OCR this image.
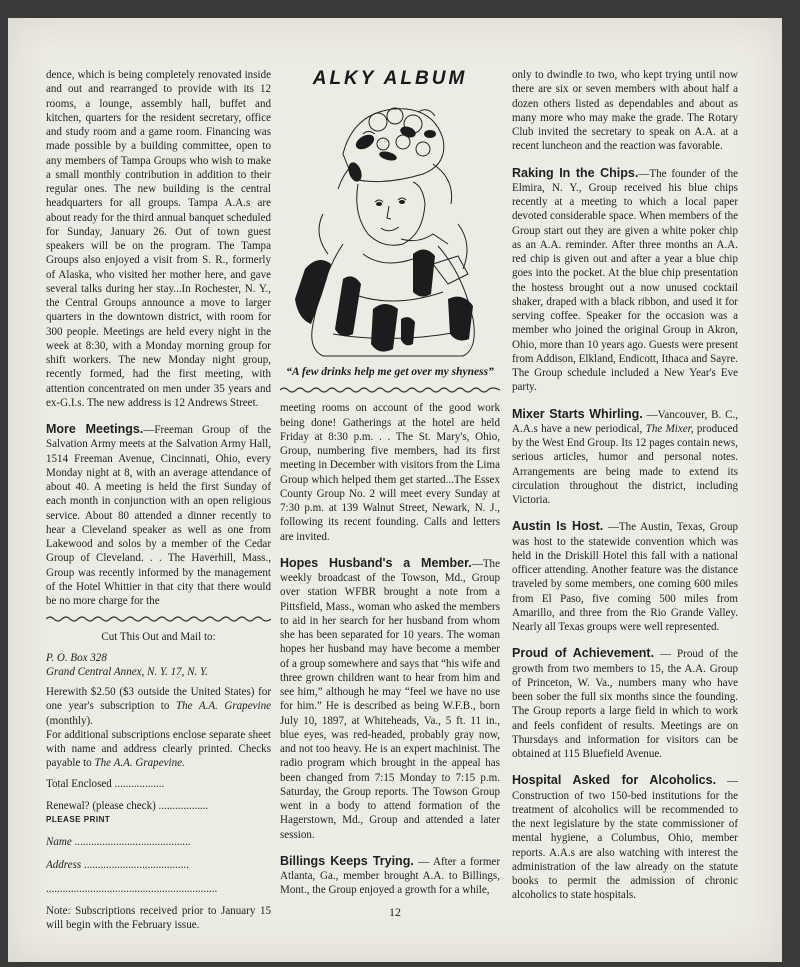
dence, which is being completely renovated inside and out and rearranged to provide with its 12 rooms, a lounge, assembly hall, buffet and kitchen, quarters for the resident secretary, office and study room and a game room. Financing was made possible by a building committee, open to any members of Tampa Groups who wish to make a small monthly contribution in addition to their regular ones. The new building is the central headquarters for all groups. Tampa A.A.s are about ready for the third annual banquet scheduled for Sunday, January 26. Out of town guest speakers will be on the program. The Tampa Groups also enjoyed a visit from S. R., formerly of Alaska, who visited her mother here, and gave several talks during her stay...In Rochester, N. Y., the Central Groups announce a move to larger quarters in the downtown district, with room for 300 people. Meetings are held every night in the week at 8:30, with a Monday morning group for shift workers. The new Monday night group, recently formed, had the first meeting, with attention concentrated on men under 35 years and ex-G.I.s. The new address is 12 Andrews Street.

More Meetings.—Freeman Group of the Salvation Army meets at the Salvation Army Hall, 1514 Freeman Avenue, Cincinnati, Ohio, every Monday night at 8, with an average attendance of about 40. A meeting is held the first Sunday of each month in conjunction with an open religious service. About 80 attended a dinner recently to hear a Cleveland speaker as well as one from Lakewood and solos by a member of the Cedar Group of Cleveland. . . The Haverhill, Mass., Group was recently informed by the management of the Hotel Whittier in that city that there would be no more charge for the

Cut This Out and Mail to:

P. O. Box 328

Grand Central Annex, N. Y. 17, N. Y.

Herewith $2.50 ($3 outside the United States) for one year's subscription to The A.A. Grapevine (monthly).

For additional subscriptions enclose separate sheet with name and address clearly printed. Checks payable to The A.A. Grapevine.

Total Enclosed ..................

Renewal? (please check) ..................

PLEASE PRINT

Name ..........................................

Address ......................................

..............................................................

Note: Subscriptions received prior to January 15 will begin with the February issue.

ALKY ALBUM
“A few drinks help me get over my shyness”

meeting rooms on account of the good work being done! Gatherings at the hotel are held Friday at 8:30 p.m. . . The St. Mary's, Ohio, Group, numbering five members, had its first meeting in December with visitors from the Lima Group which helped them get started...The Essex County Group No. 2 will meet every Sunday at 7:30 p.m. at 139 Walnut Street, Newark, N. J., following its recent founding. Calls and letters are invited.

Hopes Husband's a Member.—The weekly broadcast of the Towson, Md., Group over station WFBR brought a note from a Pittsfield, Mass., woman who asked the members to aid in her search for her husband from whom she has been separated for 10 years. The woman hopes her husband may have become a member of a group somewhere and says that “his wife and three grown children want to hear from him and see him,” although he may “feel we have no use for him.” He is described as being W.F.B., born July 10, 1897, at Whiteheads, Va., 5 ft. 11 in., blue eyes, was red-headed, probably gray now, and not too heavy. He is an expert machinist. The radio program which brought in the appeal has been changed from 7:15 Monday to 7:15 p.m. Saturday, the Group reports. The Towson Group went in a body to attend formation of the Hagerstown, Md., Group and attended a later session.

Billings Keeps Trying. — After a former Atlanta, Ga., member brought A.A. to Billings, Mont., the Group enjoyed a growth for a while,

only to dwindle to two, who kept trying until now there are six or seven members with about half a dozen others listed as dependables and about as many more who may make the grade. The Rotary Club invited the secretary to speak on A.A. at a recent luncheon and the reaction was favorable.

Raking In the Chips.—The founder of the Elmira, N. Y., Group received his blue chips recently at a meeting to which a local paper devoted considerable space. When members of the Group start out they are given a white poker chip as an A.A. reminder. After three months an A.A. red chip is given out and after a year a blue chip goes into the pocket. At the blue chip presentation the hostess brought out a now unused cocktail shaker, draped with a black ribbon, and used it for serving coffee. Speaker for the occasion was a member who joined the original Group in Akron, Ohio, more than 10 years ago. Guests were present from Addison, Elkland, Endicott, Ithaca and Sayre. The Group schedule included a New Year's Eve party.

Mixer Starts Whirling. —Vancouver, B. C., A.A.s have a new periodical, The Mixer, produced by the West End Group. Its 12 pages contain news, serious articles, humor and personal notes. Arrangements are being made to extend its circulation throughout the district, including Victoria.

Austin Is Host. —The Austin, Texas, Group was host to the statewide convention which was held in the Driskill Hotel this fall with a national officer attending. Another feature was the distance traveled by some members, one coming 600 miles from El Paso, five coming 500 miles from Amarillo, and three from the Rio Grande Valley. Nearly all Texas groups were well represented.

Proud of Achievement. — Proud of the growth from two members to 15, the A.A. Group of Princeton, W. Va., numbers many who have been sober the full six months since the founding. The Group reports a large field in which to work and feels confident of results. Meetings are on Thursdays and information for visitors can be obtained at 115 Bluefield Avenue.

Hospital Asked for Alcoholics. — Construction of two 150-bed institutions for the treatment of alcoholics will be recommended to the next legislature by the state commissioner of mental hygiene, a Columbus, Ohio, member reports. A.A.s are also watching with interest the administration of the law already on the statute books to permit the admission of chronic alcoholics to state hospitals.

12
